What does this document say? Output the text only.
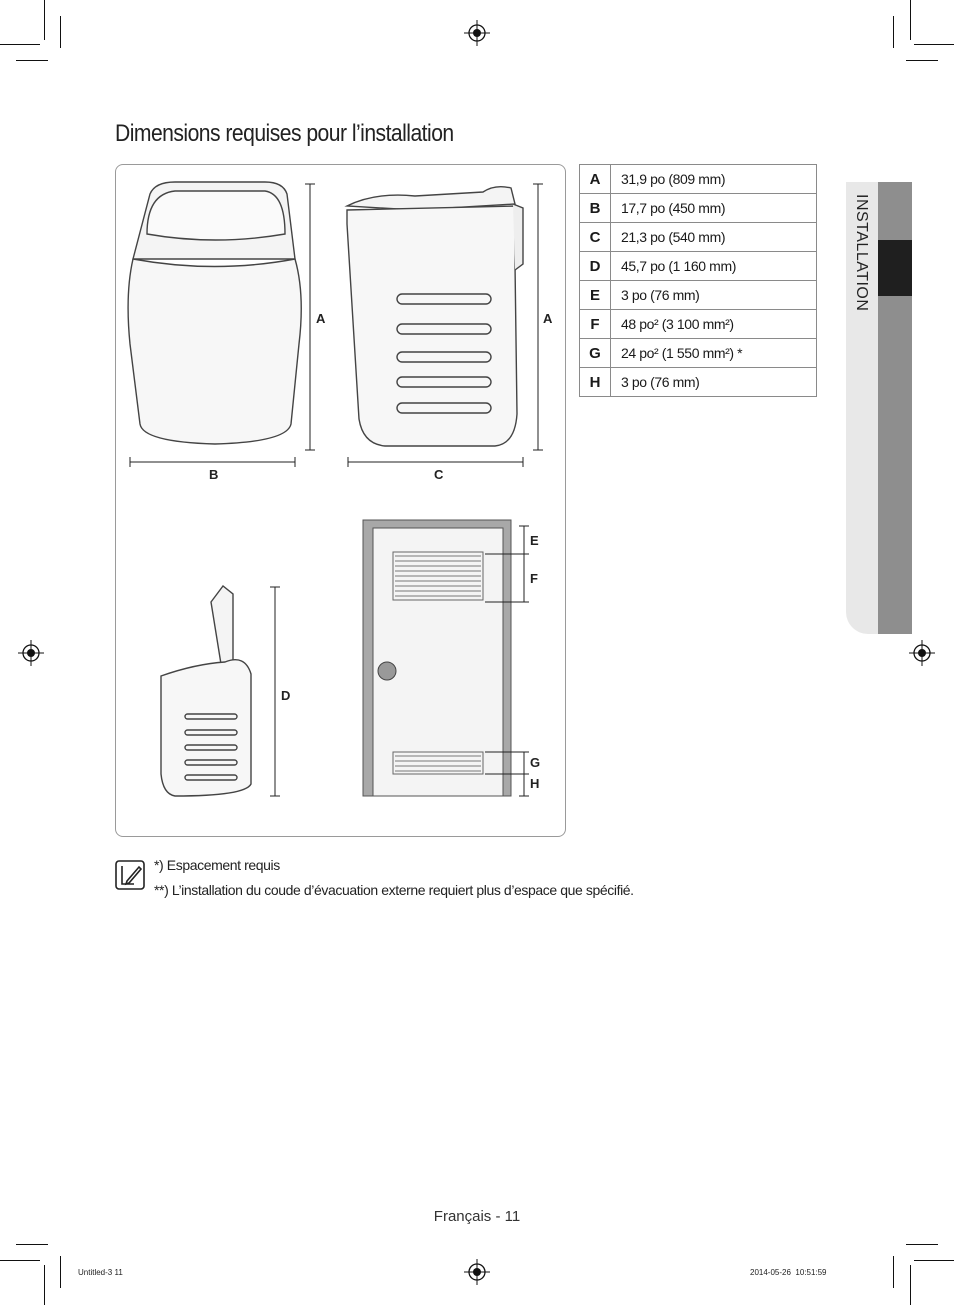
INSTALLATION
Dimensions requises pour l’installation
A	A
B	C
D
E
F
G
H
A	31,9 po (809 mm)
B	17,7 po (450 mm)
C	21,3 po (540 mm)
D	45,7 po (1 160 mm)
E	3 po (76 mm)
F	48 po² (3 100 mm²)
G	24 po² (1 550 mm²) *
H	3 po (76 mm)
*) Espacement requis
**) L’installation du coude d’évacuation externe requiert plus d’espace que spécifié.
Français - 11
Untitled-3 11	2014-05-26 ︎︎ 10:51:59
